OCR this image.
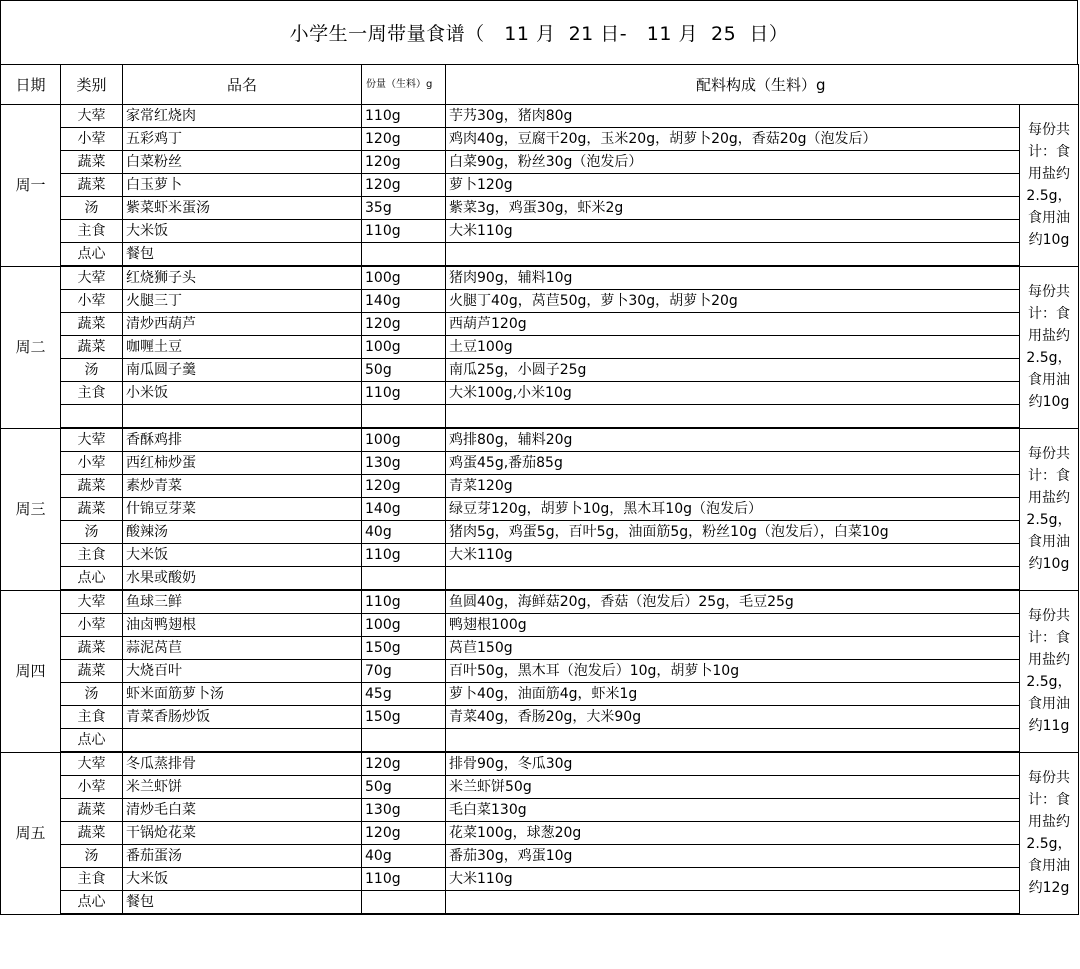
小学生一周带量食谱（   11 月  21 日-   11 月  25  日）
日期	类别	品名	份量（生料）g	配料构成（生料）g	
周一	大荤	家常红烧肉	110g	芋艿30g，猪肉80g	每份共计：食用盐约2.5g，食用油约10g
	小荤	五彩鸡丁	120g	鸡肉40g，豆腐干20g，玉米20g，胡萝卜20g，香菇20g（泡发后）	
	蔬菜	白菜粉丝	120g	白菜90g，粉丝30g（泡发后）	
	蔬菜	白玉萝卜	120g	萝卜120g	
	汤	紫菜虾米蛋汤	35g	紫菜3g，鸡蛋30g，虾米2g	
	主食	大米饭	110g	大米110g	
	点心	餐包			
周二	大荤	红烧狮子头	100g	猪肉90g，辅料10g	每份共计：食用盐约2.5g，食用油约10g
	小荤	火腿三丁	140g	火腿丁40g，莴苣50g，萝卜30g，胡萝卜20g	
	蔬菜	清炒西葫芦	120g	西葫芦120g	
	蔬菜	咖喱土豆	100g	土豆100g	
	汤	南瓜圆子羹	50g	南瓜25g，小圆子25g	
	主食	小米饭	110g	大米100g,小米10g	

周三	大荤	香酥鸡排	100g	鸡排80g，辅料20g	每份共计：食用盐约2.5g，食用油约10g
	小荤	西红柿炒蛋	130g	鸡蛋45g,番茄85g	
	蔬菜	素炒青菜	120g	青菜120g	
	蔬菜	什锦豆芽菜	140g	绿豆芽120g，胡萝卜10g，黑木耳10g（泡发后）	
	汤	酸辣汤	40g	猪肉5g，鸡蛋5g，百叶5g，油面筋5g，粉丝10g（泡发后），白菜10g	
	主食	大米饭	110g	大米110g	
	点心	水果或酸奶			
周四	大荤	鱼球三鲜	110g	鱼圆40g，海鲜菇20g，香菇（泡发后）25g，毛豆25g	每份共计：食用盐约2.5g，食用油约11g
	小荤	油卤鸭翅根	100g	鸭翅根100g	
	蔬菜	蒜泥莴苣	150g	莴苣150g	
	蔬菜	大烧百叶	70g	百叶50g，黑木耳（泡发后）10g，胡萝卜10g	
	汤	虾米面筋萝卜汤	45g	萝卜40g，油面筋4g，虾米1g	
	主食	青菜香肠炒饭	150g	青菜40g，香肠20g，大米90g	
	点心				
周五	大荤	冬瓜蒸排骨	120g	排骨90g，冬瓜30g	每份共计：食用盐约2.5g，食用油约12g
	小荤	米兰虾饼	50g	米兰虾饼50g	
	蔬菜	清炒毛白菜	130g	毛白菜130g	
	蔬菜	干锅炝花菜	120g	花菜100g，球葱20g	
	汤	番茄蛋汤	40g	番茄30g，鸡蛋10g	
	主食	大米饭	110g	大米110g	
	点心	餐包			
